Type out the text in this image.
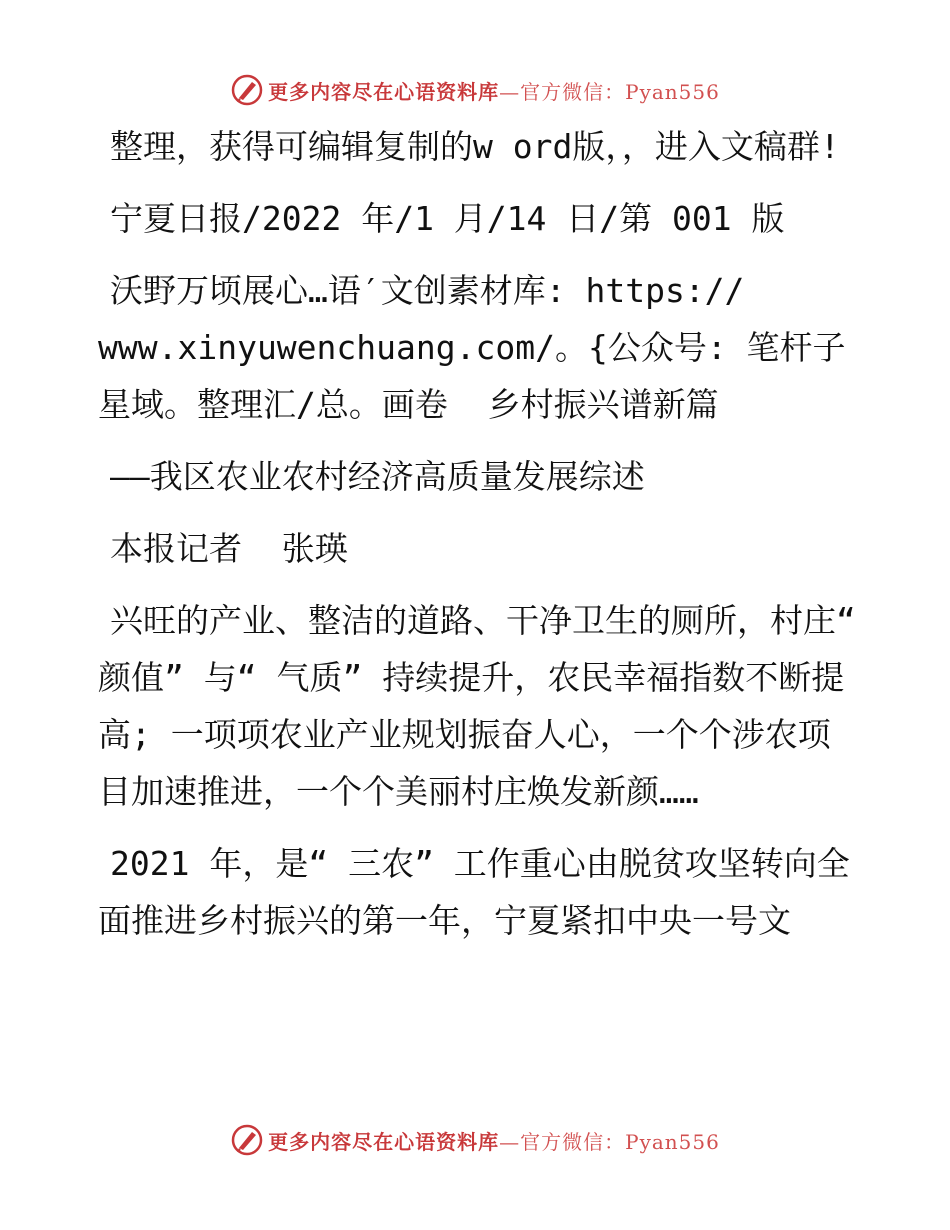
更多内容尽在心语资料库—官方微信：Pyan556

整理，获得可编辑复制的w ord版，，进入文稿群!

宁夏日报/2022 年/1 月/14 日/第 001 版

沃野万顷展心…语′文创素材库: https://
www.xinyuwenchuang.com/。{公众号: 笔杆子星域。整理汇/总。画卷  乡村振兴谱新篇

——我区农业农村经济高质量发展综述

本报记者  张瑛

兴旺的产业、整洁的道路、干净卫生的厕所，村庄“ 颜值” 与“ 气质” 持续提升，农民幸福指数不断提高; 一项项农业产业规划振奋人心，一个个涉农项目加速推进，一个个美丽村庄焕发新颜……

2021 年，是“ 三农” 工作重心由脱贫攻坚转向全面推进乡村振兴的第一年，宁夏紧扣中央一号文

更多内容尽在心语资料库—官方微信：Pyan556
